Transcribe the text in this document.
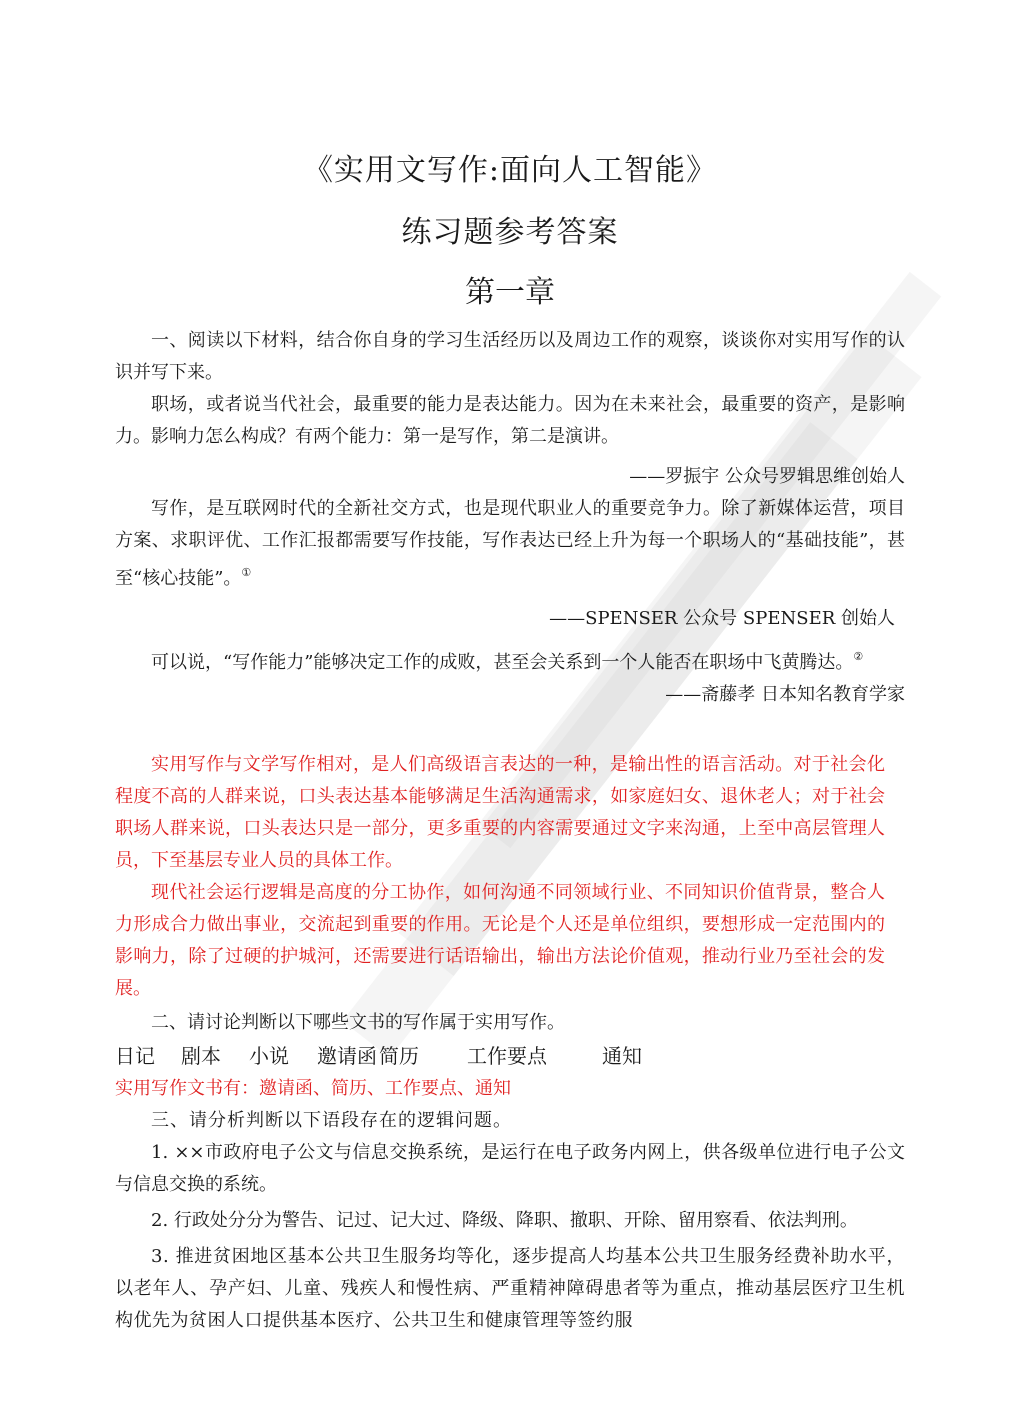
《实用文写作:面向人工智能》
练习题参考答案
第一章

一、阅读以下材料，结合你自身的学习生活经历以及周边工作的观察，谈谈你对实用写作的认识并写下来。

职场，或者说当代社会，最重要的能力是表达能力。因为在未来社会，最重要的资产，是影响力。影响力怎么构成？有两个能力：第一是写作，第二是演讲。

——罗振宇 公众号罗辑思维创始人

写作，是互联网时代的全新社交方式，也是现代职业人的重要竞争力。除了新媒体运营，项目方案、求职评优、工作汇报都需要写作技能，写作表达已经上升为每一个职场人的“基础技能”，甚至“核心技能”。①

——SPENSER 公众号 SPENSER 创始人

可以说，“写作能力”能够决定工作的成败，甚至会关系到一个人能否在职场中飞黄腾达。②

——斋藤孝 日本知名教育学家

实用写作与文学写作相对，是人们高级语言表达的一种，是输出性的语言活动。对于社会化程度不高的人群来说，口头表达基本能够满足生活沟通需求，如家庭妇女、退休老人；对于社会职场人群来说，口头表达只是一部分，更多重要的内容需要通过文字来沟通，上至中高层管理人员，下至基层专业人员的具体工作。

现代社会运行逻辑是高度的分工协作，如何沟通不同领域行业、不同知识价值背景，整合人力形成合力做出事业，交流起到重要的作用。无论是个人还是单位组织，要想形成一定范围内的影响力，除了过硬的护城河，还需要进行话语输出，输出方法论价值观，推动行业乃至社会的发展。

二、请讨论判断以下哪些文书的写作属于实用写作。

日记	剧本	小说	邀请函 简历	工作要点	通知

实用写作文书有：邀请函、简历、工作要点、通知

三、请分析判断以下语段存在的逻辑问题。

1. ××市政府电子公文与信息交换系统，是运行在电子政务内网上，供各级单位进行电子公文与信息交换的系统。

2. 行政处分分为警告、记过、记大过、降级、降职、撤职、开除、留用察看、依法判刑。

3. 推进贫困地区基本公共卫生服务均等化，逐步提高人均基本公共卫生服务经费补助水平，以老年人、孕产妇、儿童、残疾人和慢性病、严重精神障碍患者等为重点，推动基层医疗卫生机构优先为贫困人口提供基本医疗、公共卫生和健康管理等签约服
